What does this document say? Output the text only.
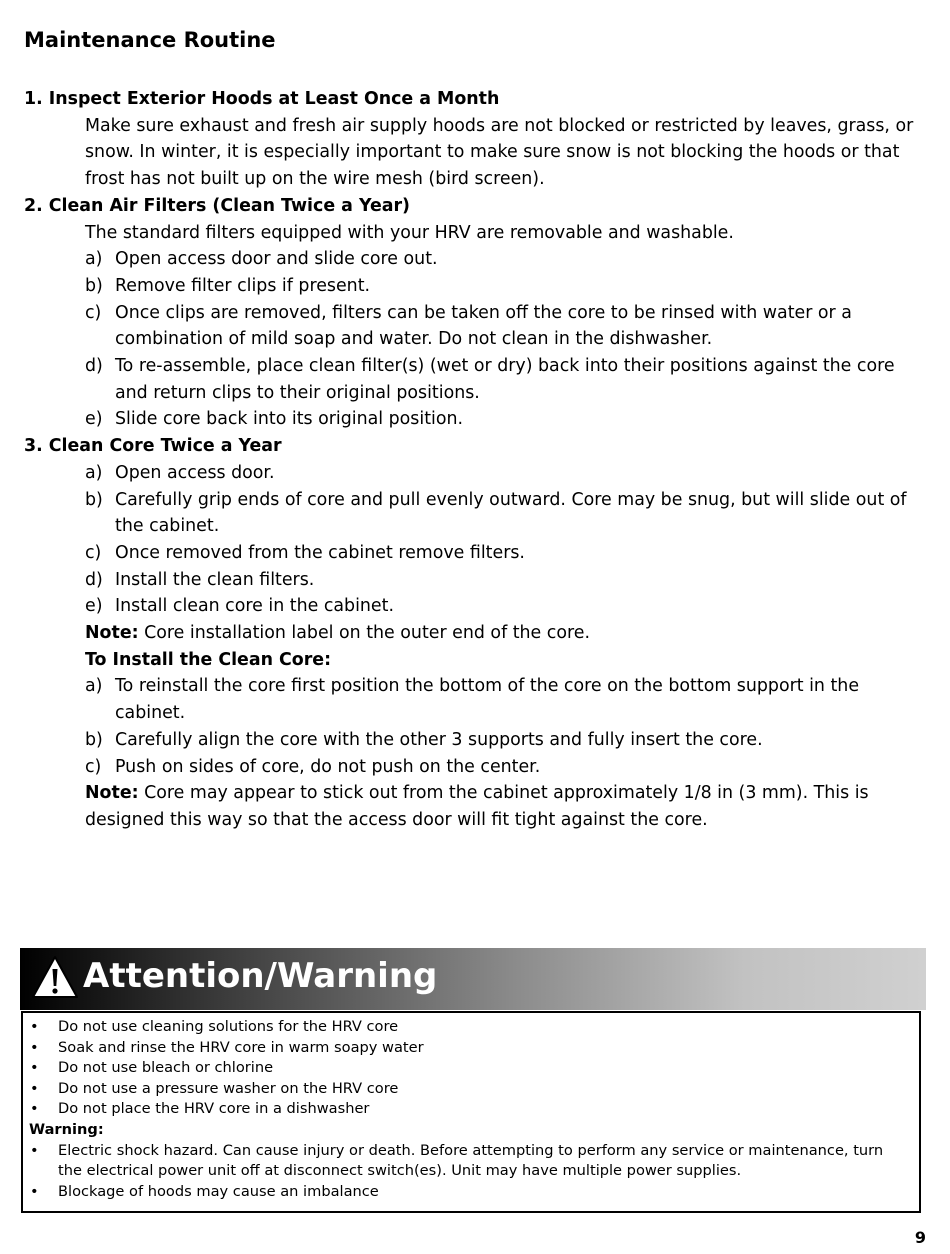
Maintenance Routine
1. Inspect Exterior Hoods at Least Once a Month
Make sure exhaust and fresh air supply hoods are not blocked or restricted by leaves, grass, or snow. In winter, it is especially important to make sure snow is not blocking the hoods or that frost has not built up on the wire mesh (bird screen).
2. Clean Air Filters (Clean Twice a Year)
The standard filters equipped with your HRV are removable and washable.
a) Open access door and slide core out.
b) Remove filter clips if present.
c) Once clips are removed, filters can be taken off the core to be rinsed with water or a combination of mild soap and water. Do not clean in the dishwasher.
d) To re-assemble, place clean filter(s) (wet or dry) back into their positions against the core and return clips to their original positions.
e) Slide core back into its original position.
3. Clean Core Twice a Year
a) Open access door.
b) Carefully grip ends of core and pull evenly outward. Core may be snug, but will slide out of the cabinet.
c) Once removed from the cabinet remove filters.
d) Install the clean filters.
e) Install clean core in the cabinet.
Note: Core installation label on the outer end of the core.
To Install the Clean Core:
a) To reinstall the core first position the bottom of the core on the bottom support in the cabinet.
b) Carefully align the core with the other 3 supports and fully insert the core.
c) Push on sides of core, do not push on the center.
Note: Core may appear to stick out from the cabinet approximately 1/8 in (3 mm). This is designed this way so that the access door will fit tight against the core.
Attention/Warning
• Do not use cleaning solutions for the HRV core
• Soak and rinse the HRV core in warm soapy water
• Do not use bleach or chlorine
• Do not use a pressure washer on the HRV core
• Do not place the HRV core in a dishwasher
Warning:
• Electric shock hazard. Can cause injury or death. Before attempting to perform any service or maintenance, turn the electrical power unit off at disconnect switch(es). Unit may have multiple power supplies.
• Blockage of hoods may cause an imbalance
9
